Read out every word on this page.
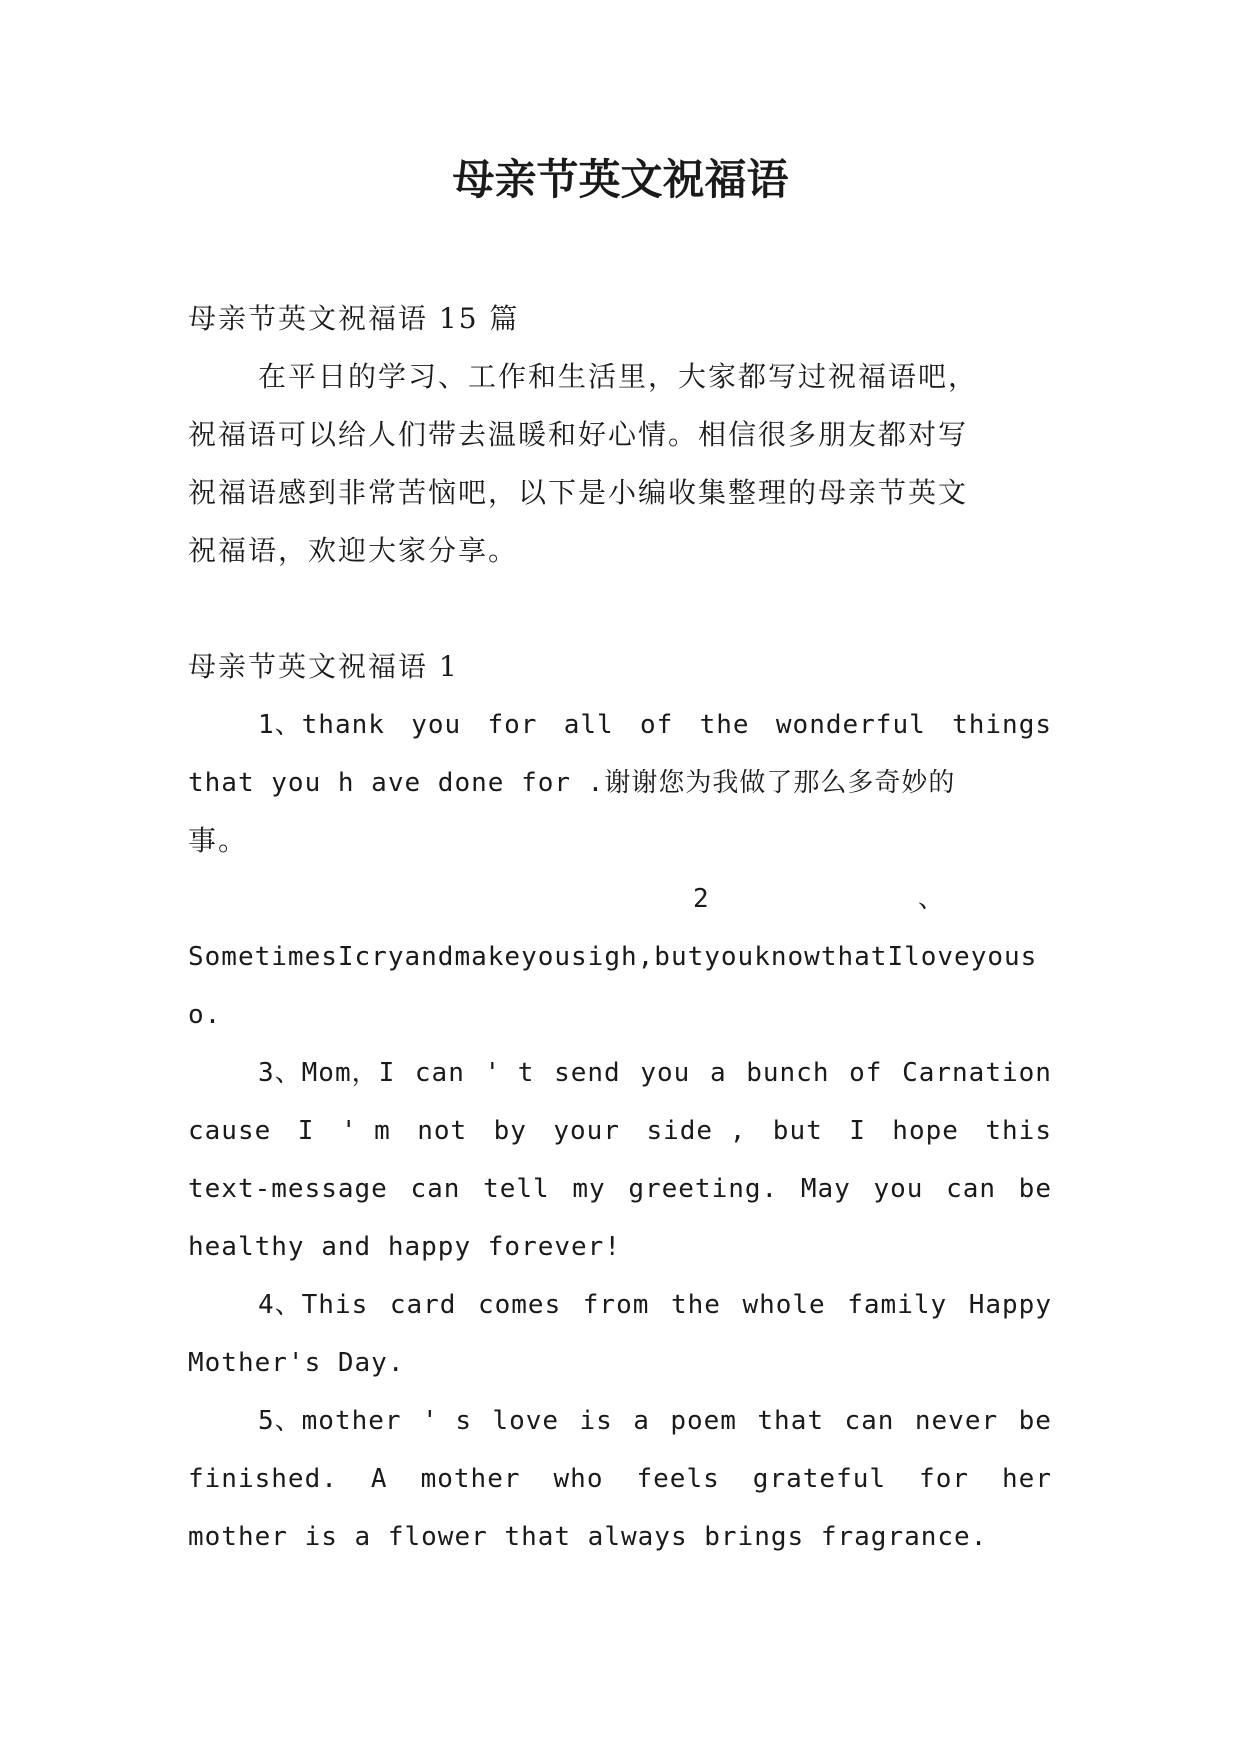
母亲节英文祝福语
母亲节英文祝福语 15 篇
在平日的学习、工作和生活里，大家都写过祝福语吧，
祝福语可以给人们带去温暖和好心情。相信很多朋友都对写
祝福语感到非常苦恼吧，以下是小编收集整理的母亲节英文
祝福语，欢迎大家分享。
母亲节英文祝福语 1
1、thank you for all of the wonderful things
that you h ave done for .谢谢您为我做了那么多奇妙的
事。
2	、
SometimesIcryandmakeyousigh,butyouknowthatIloveyous
o.
3、Mom，I can ' t send you a bunch of Carnation
cause I ' m not by your side , but I hope this
text-message can tell my greeting. May you can be
healthy and happy forever!
4、This card comes from the whole family Happy
Mother's Day.
5、mother ' s love is a poem that can never be
finished. A mother who feels grateful for her
mother is a flower that always brings fragrance.
